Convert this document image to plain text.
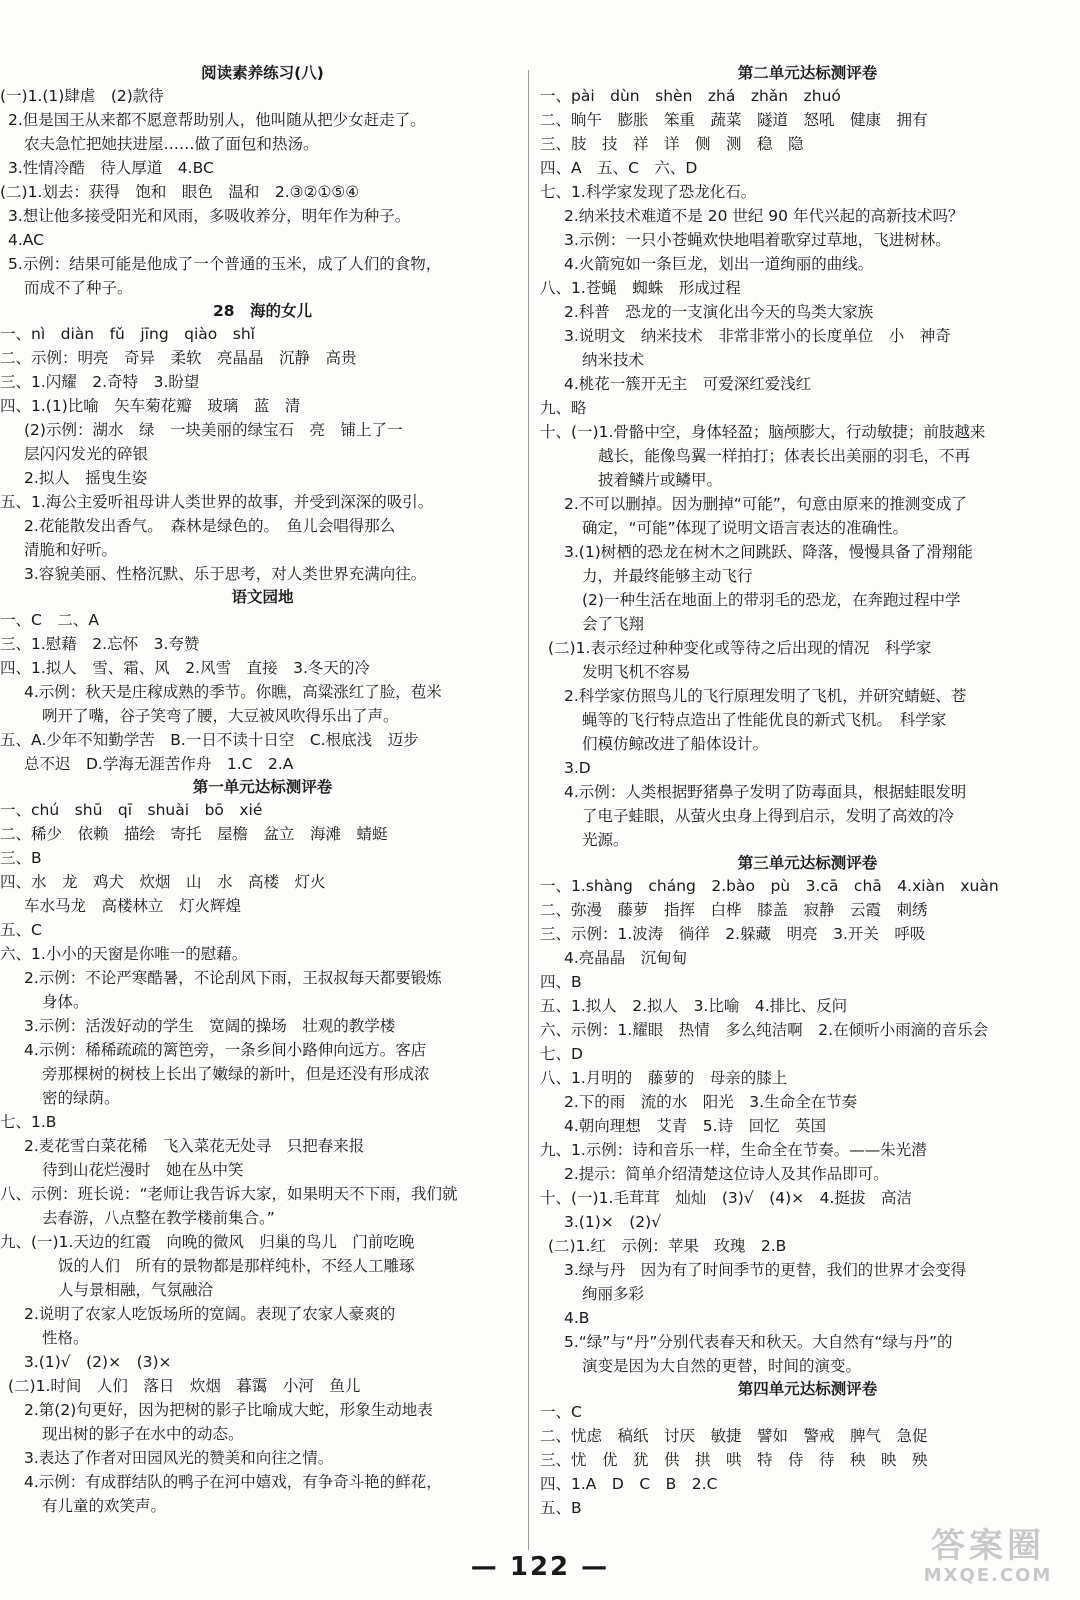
阅读素养练习(八)
(一)1.(1)肆虐　(2)款待
2.但是国王从来都不愿意帮助别人，他叫随从把少女赶走了。
农夫急忙把她扶进屋……做了面包和热汤。
3.性情冷酷　待人厚道　4.BC
(二)1.划去：获得　饱和　眼色　温和　2.③②①⑤④
3.想让他多接受阳光和风雨，多吸收养分，明年作为种子。
4.AC
5.示例：结果可能是他成了一个普通的玉米，成了人们的食物，
而成不了种子。
28　海的女儿
一、nì　diàn　fǔ　jīng　qiào　shǐ
二、示例：明亮　奇异　柔软　亮晶晶　沉静　高贵
三、1.闪耀　2.奇特　3.盼望
四、1.(1)比喻　矢车菊花瓣　玻璃　蓝　清
(2)示例：湖水　绿　一块美丽的绿宝石　亮　铺上了一
层闪闪发光的碎银
2.拟人　摇曳生姿
五、1.海公主爱听祖母讲人类世界的故事，并受到深深的吸引。
2.花能散发出香气。　森林是绿色的。　鱼儿会唱得那么
清脆和好听。
3.容貌美丽、性格沉默、乐于思考，对人类世界充满向往。
语文园地
一、C　二、A
三、1.慰藉　2.忘怀　3.夸赞
四、1.拟人　雪、霜、风　2.风雪　直接　3.冬天的冷
4.示例：秋天是庄稼成熟的季节。你瞧，高粱涨红了脸，苞米
咧开了嘴，谷子笑弯了腰，大豆被风吹得乐出了声。
五、A.少年不知勤学苦　B.一日不读十日空　C.根底浅　迈步
总不迟　D.学海无涯苦作舟　1.C　2.A
第一单元达标测评卷
一、chú　shū　qī　shuài　bō　xié
二、稀少　依赖　描绘　寄托　屋檐　盆立　海滩　蜻蜓
三、B
四、水　龙　鸡犬　炊烟　山　水　高楼　灯火
车水马龙　高楼林立　灯火辉煌
五、C
六、1.小小的天窗是你唯一的慰藉。
2.示例：不论严寒酷暑，不论刮风下雨，王叔叔每天都要锻炼
身体。
3.示例：活泼好动的学生　宽阔的操场　壮观的教学楼
4.示例：稀稀疏疏的篱笆旁，一条乡间小路伸向远方。客店
旁那棵树的树枝上长出了嫩绿的新叶，但是还没有形成浓
密的绿荫。
七、1.B
2.麦花雪白菜花稀　飞入菜花无处寻　只把春来报
待到山花烂漫时　她在丛中笑
八、示例：班长说：“老师让我告诉大家，如果明天不下雨，我们就
去春游，八点整在教学楼前集合。”
九、(一)1.天边的红霞　向晚的微风　归巢的鸟儿　门前吃晚
饭的人们　所有的景物都是那样纯朴，不经人工雕琢
人与景相融，气氛融洽
2.说明了农家人吃饭场所的宽阔。表现了农家人豪爽的
性格。
3.(1)√　(2)×　(3)×
(二)1.时间　人们　落日　炊烟　暮霭　小河　鱼儿
2.第(2)句更好，因为把树的影子比喻成大蛇，形象生动地表
现出树的影子在水中的动态。
3.表达了作者对田园风光的赞美和向往之情。
4.示例：有成群结队的鸭子在河中嬉戏，有争奇斗艳的鲜花，
有儿童的欢笑声。
第二单元达标测评卷
一、pài　dùn　shèn　zhá　zhǎn　zhuó
二、晌午　膨胀　笨重　蔬菜　隧道　怒吼　健康　拥有
三、肢　技　祥　详　侧　测　稳　隐
四、A　五、C　六、D
七、1.科学家发现了恐龙化石。
2.纳米技术难道不是 20 世纪 90 年代兴起的高新技术吗？
3.示例：一只小苍蝇欢快地唱着歌穿过草地，飞进树林。
4.火箭宛如一条巨龙，划出一道绚丽的曲线。
八、1.苍蝇　蜘蛛　形成过程
2.科普　恐龙的一支演化出今天的鸟类大家族
3.说明文　纳米技术　非常非常小的长度单位　小　神奇
纳米技术
4.桃花一簇开无主　可爱深红爱浅红
九、略
十、(一)1.骨骼中空，身体轻盈；脑颅膨大，行动敏捷；前肢越来
越长，能像鸟翼一样拍打；体表长出美丽的羽毛，不再
披着鳞片或鳞甲。
2.不可以删掉。因为删掉“可能”，句意由原来的推测变成了
确定，“可能”体现了说明文语言表达的准确性。
3.(1)树栖的恐龙在树木之间跳跃、降落，慢慢具备了滑翔能
力，并最终能够主动飞行
(2)一种生活在地面上的带羽毛的恐龙，在奔跑过程中学
会了飞翔
(二)1.表示经过种种变化或等待之后出现的情况　科学家
发明飞机不容易
2.科学家仿照鸟儿的飞行原理发明了飞机，并研究蜻蜓、苍
蝇等的飞行特点造出了性能优良的新式飞机。　科学家
们模仿鲸改进了船体设计。
3.D
4.示例：人类根据野猪鼻子发明了防毒面具，根据蛙眼发明
了电子蛙眼，从萤火虫身上得到启示，发明了高效的冷
光源。
第三单元达标测评卷
一、1.shàng　cháng　2.bào　pù　3.cā　chā　4.xiàn　xuàn
二、弥漫　藤萝　指挥　白桦　膝盖　寂静　云霞　刺绣
三、示例：1.波涛　徜徉　2.躲藏　明亮　3.开关　呼吸
4.亮晶晶　沉甸甸
四、B
五、1.拟人　2.拟人　3.比喻　4.排比、反问
六、示例：1.耀眼　热情　多么纯洁啊　2.在倾听小雨滴的音乐会
七、D
八、1.月明的　藤萝的　母亲的膝上
2.下的雨　流的水　阳光　3.生命全在节奏
4.朝向理想　艾青　5.诗　回忆　英国
九、1.示例：诗和音乐一样，生命全在节奏。——朱光潜
2.提示：简单介绍清楚这位诗人及其作品即可。
十、(一)1.毛茸茸　灿灿　(3)√　(4)×　4.挺拔　高洁
3.(1)×　(2)√
(二)1.红　示例：苹果　玫瑰　2.B
3.绿与丹　因为有了时间季节的更替，我们的世界才会变得
绚丽多彩
4.B
5.“绿”与“丹”分别代表春天和秋天。大自然有“绿与丹”的
演变是因为大自然的更替，时间的演变。
第四单元达标测评卷
一、C
二、忧虑　稿纸　讨厌　敏捷　譬如　警戒　脾气　急促
三、忧　优　犹　供　拱　哄　特　侍　待　秧　映　殃
四、1.A　D　C　B　2.C
五、B
— 122 —
答案圈
MXQE.COM
